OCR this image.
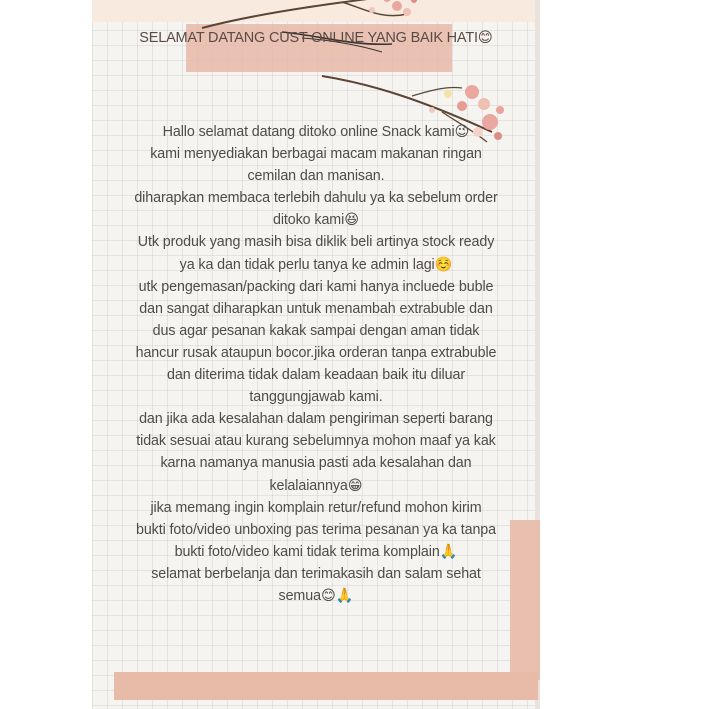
SELAMAT DATANG CUST ONLINE YANG BAIK HATI😊

Hallo selamat datang ditoko online Snack kami😉

kami menyediakan berbagai macam makanan ringan

cemilan dan manisan.

diharapkan membaca terlebih dahulu ya ka sebelum order

ditoko kami😆

Utk produk yang masih bisa diklik beli artinya stock ready

ya ka dan tidak perlu tanya ke admin lagi☺️

utk pengemasan/packing dari kami hanya incluede buble

dan sangat diharapkan untuk menambah extrabuble dan

dus agar pesanan kakak sampai dengan aman tidak

hancur rusak ataupun bocor.jika orderan tanpa extrabuble

dan diterima tidak dalam keadaan baik itu diluar

tanggungjawab kami.

dan jika ada kesalahan dalam pengiriman seperti barang

tidak sesuai atau kurang sebelumnya mohon maaf ya kak

karna namanya manusia pasti ada kesalahan dan

kelalaiannya😁

jika memang ingin komplain retur/refund mohon kirim

bukti foto/video unboxing pas terima pesanan ya ka tanpa

bukti foto/video kami tidak terima komplain🙏

selamat berbelanja dan terimakasih dan salam sehat

semua😊🙏
